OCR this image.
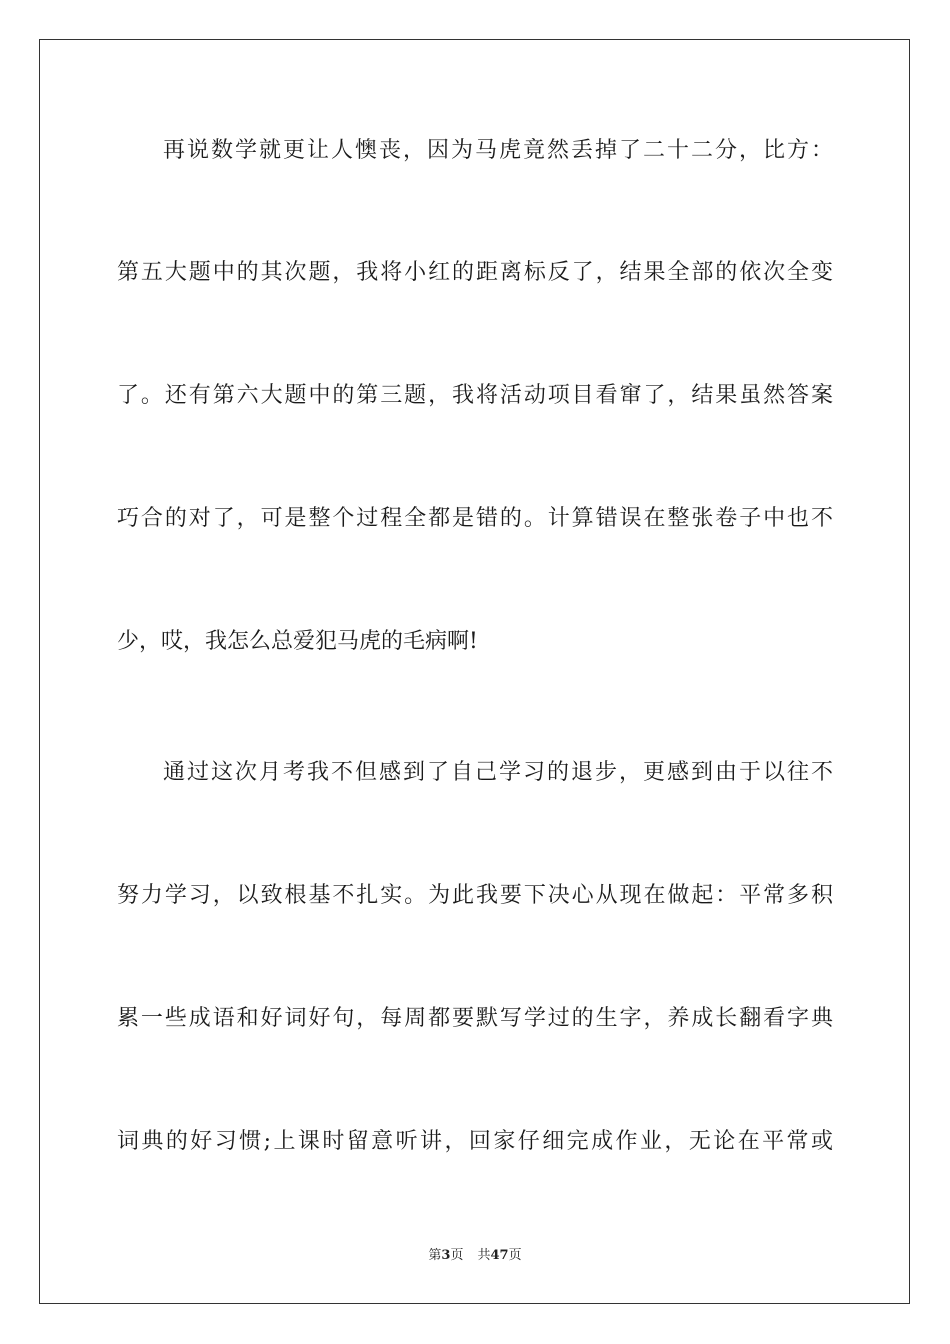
再说数学就更让人懊丧，因为马虎竟然丢掉了二十二分，比方：
第五大题中的其次题，我将小红的距离标反了，结果全部的依次全变
了。还有第六大题中的第三题，我将活动项目看窜了，结果虽然答案
巧合的对了，可是整个过程全都是错的。计算错误在整张卷子中也不
少，哎，我怎么总爱犯马虎的毛病啊!
通过这次月考我不但感到了自己学习的退步，更感到由于以往不
努力学习，以致根基不扎实。为此我要下决心从现在做起：平常多积
累一些成语和好词好句，每周都要默写学过的生字，养成长翻看字典
词典的好习惯;上课时留意听讲，回家仔细完成作业，无论在平常或
第3页 共47页
